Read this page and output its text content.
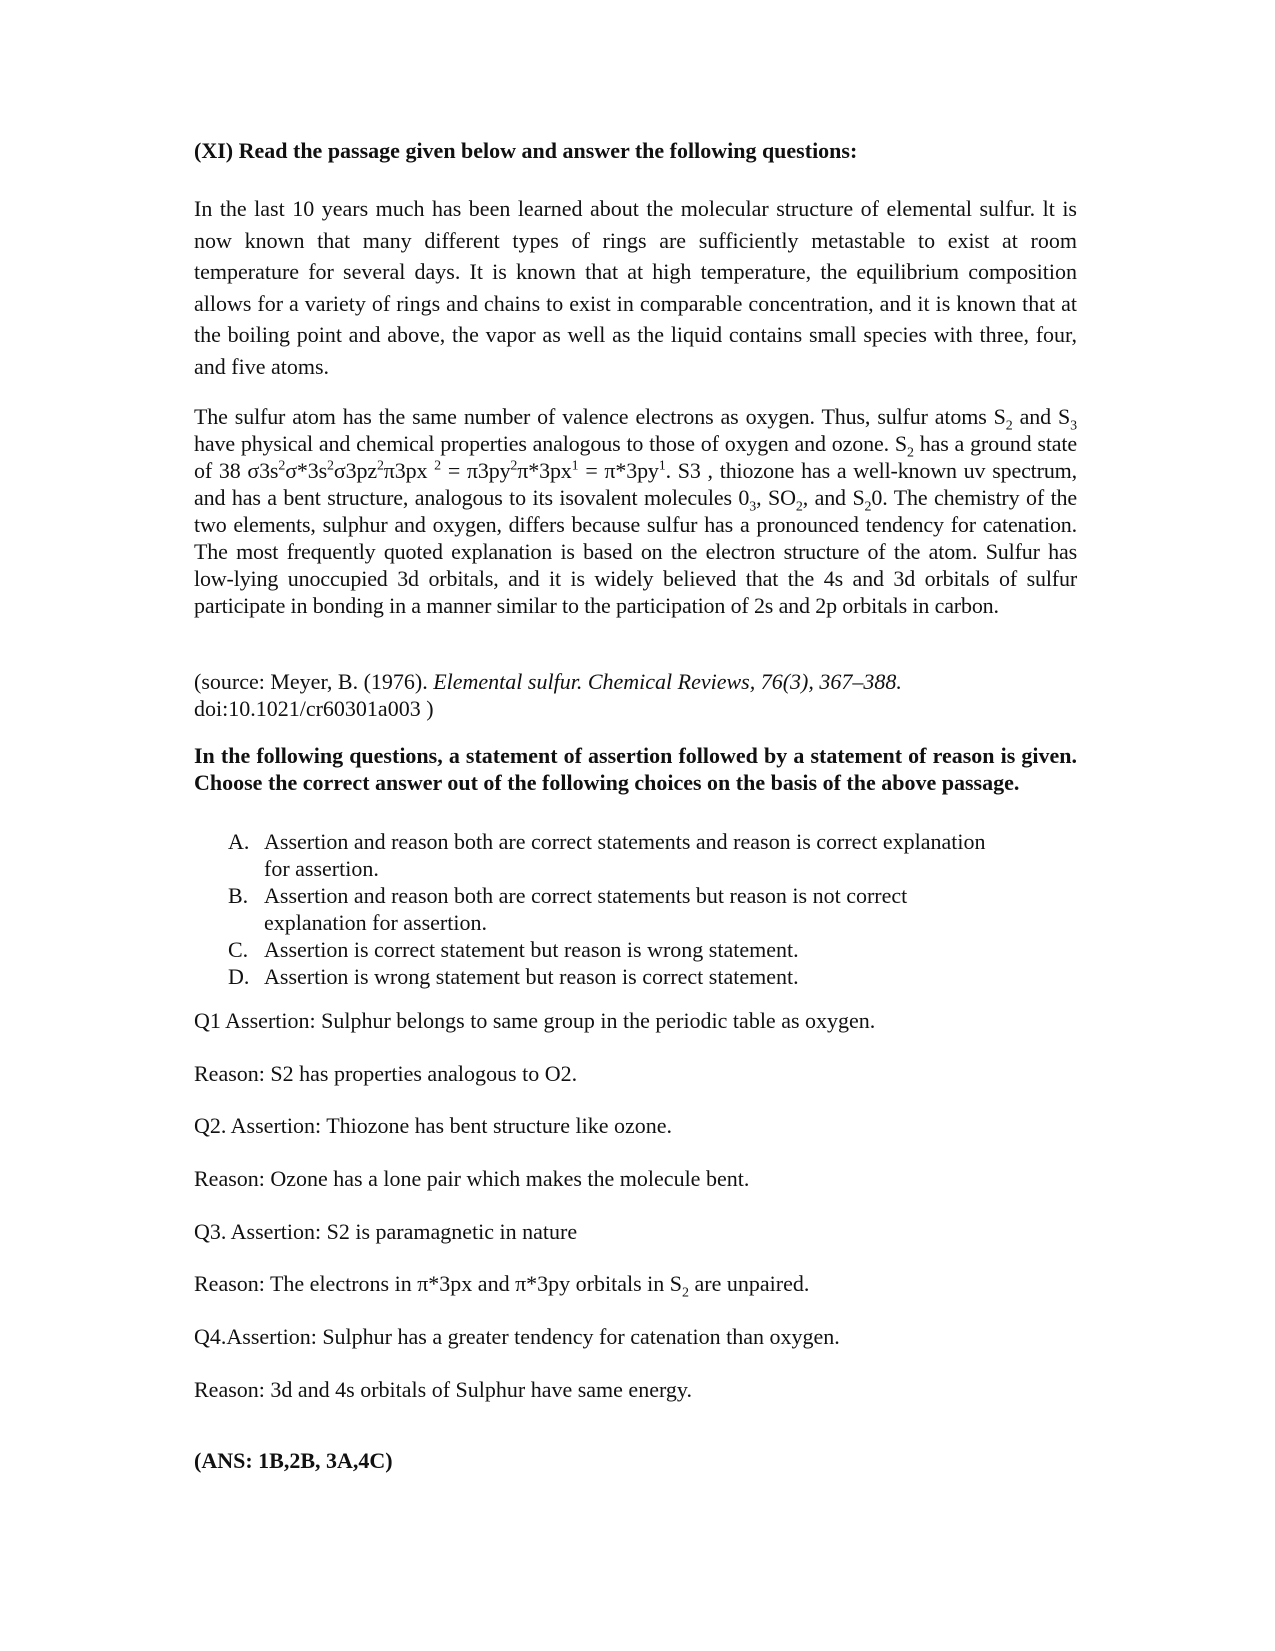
(XI) Read the passage given below and answer the following questions:
In the last 10 years much has been learned about the molecular structure of elemental sulfur. lt is now known that many different types of rings are sufficiently metastable to exist at room temperature for several days. It is known that at high temperature, the equilibrium composition allows for a variety of rings and chains to exist in comparable concentration, and it is known that at the boiling point and above, the vapor as well as the liquid contains small species with three, four, and five atoms.
The sulfur atom has the same number of valence electrons as oxygen. Thus, sulfur atoms $S_2$ and $S_3$ have physical and chemical properties analogous to those of oxygen and ozone. $S_2$ has a ground state of 38 $\sigma 3s^2\sigma*3s^2\sigma 3pz^2\pi 3px$ $^2 = \pi 3py^2\pi*3px^1 = \pi*3py^1$. S3 , thiozone has a well-known uv spectrum, and has a bent structure, analogous to its isovalent molecules $0_3$, $SO_2$, and $S_20$. The chemistry of the two elements, sulphur and oxygen, differs because sulfur has a pronounced tendency for catenation. The most frequently quoted explanation is based on the electron structure of the atom. Sulfur has low-lying unoccupied 3d orbitals, and it is widely believed that the 4s and 3d orbitals of sulfur participate in bonding in a manner similar to the participation of 2s and 2p orbitals in carbon.
(source: Meyer, B. (1976). Elemental sulfur. Chemical Reviews, 76(3), 367–388. doi:10.1021/cr60301a003 )
In the following questions, a statement of assertion followed by a statement of reason is given. Choose the correct answer out of the following choices on the basis of the above passage.
A. Assertion and reason both are correct statements and reason is correct explanation for assertion.
B. Assertion and reason both are correct statements but reason is not correct explanation for assertion.
C. Assertion is correct statement but reason is wrong statement.
D. Assertion is wrong statement but reason is correct statement.
Q1 Assertion: Sulphur belongs to same group in the periodic table as oxygen.
Reason: S2 has properties analogous to O2.
Q2. Assertion: Thiozone has bent structure like ozone.
Reason: Ozone has a lone pair which makes the molecule bent.
Q3. Assertion: S2 is paramagnetic in nature
Reason: The electrons in π*3px and π*3py orbitals in $S_2$ are unpaired.
Q4.Assertion: Sulphur has a greater tendency for catenation than oxygen.
Reason: 3d and 4s orbitals of Sulphur have same energy.
(ANS: 1B,2B, 3A,4C)
